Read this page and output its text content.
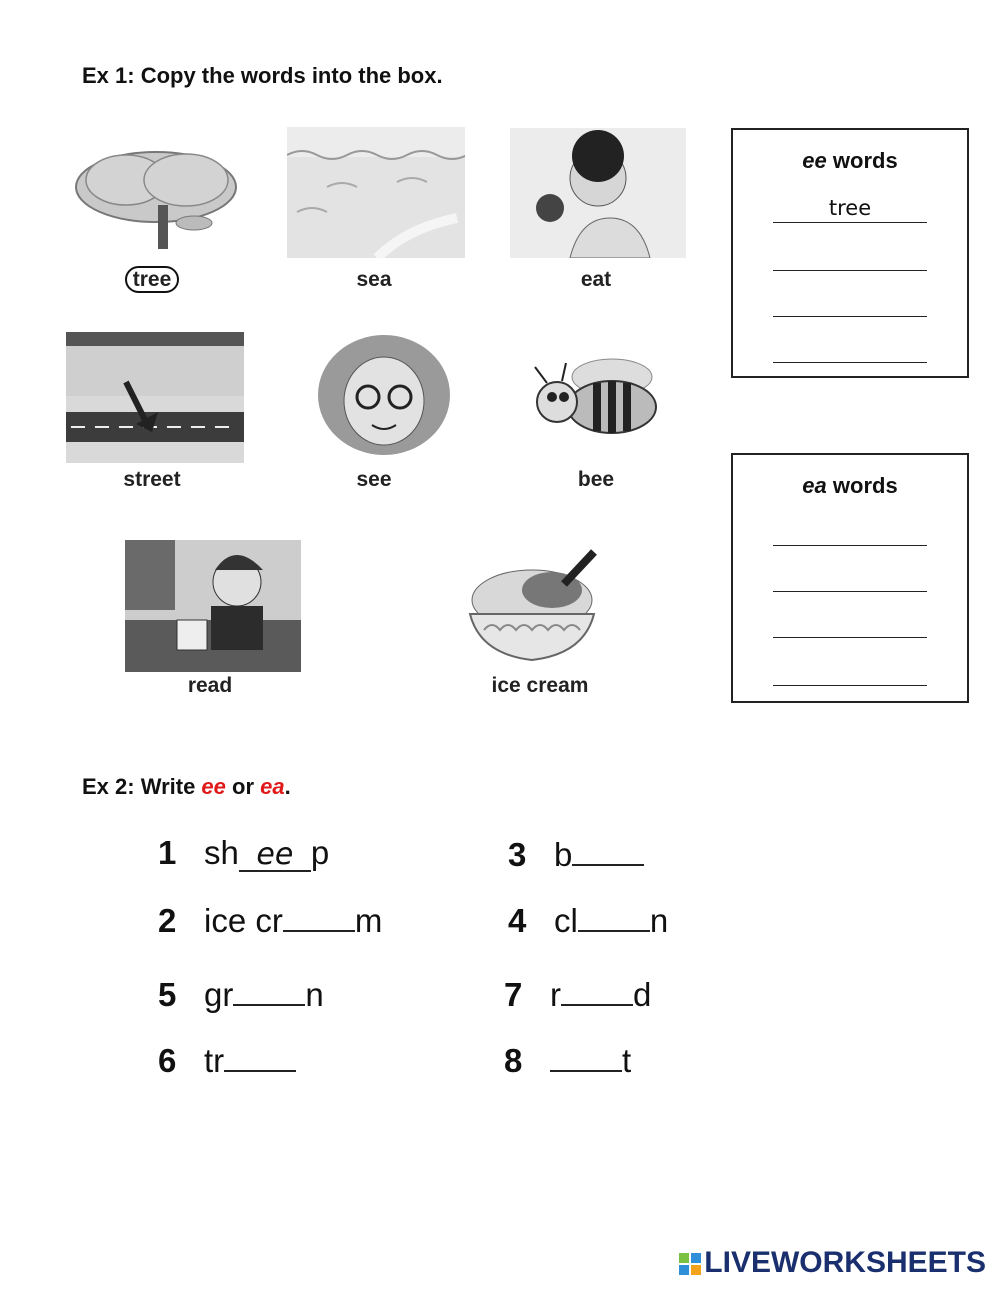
Ex 1: Copy the words into the box.
tree	sea	eat
street	see	bee
read	ice cream
ee words
tree
ea words
Ex 2: Write ee or ea.
1 sh ee p
2 ice cr m
3 b
4 cl n
5 gr n
6 tr
7 r d
8	t
LIVEWORKSHEETS
